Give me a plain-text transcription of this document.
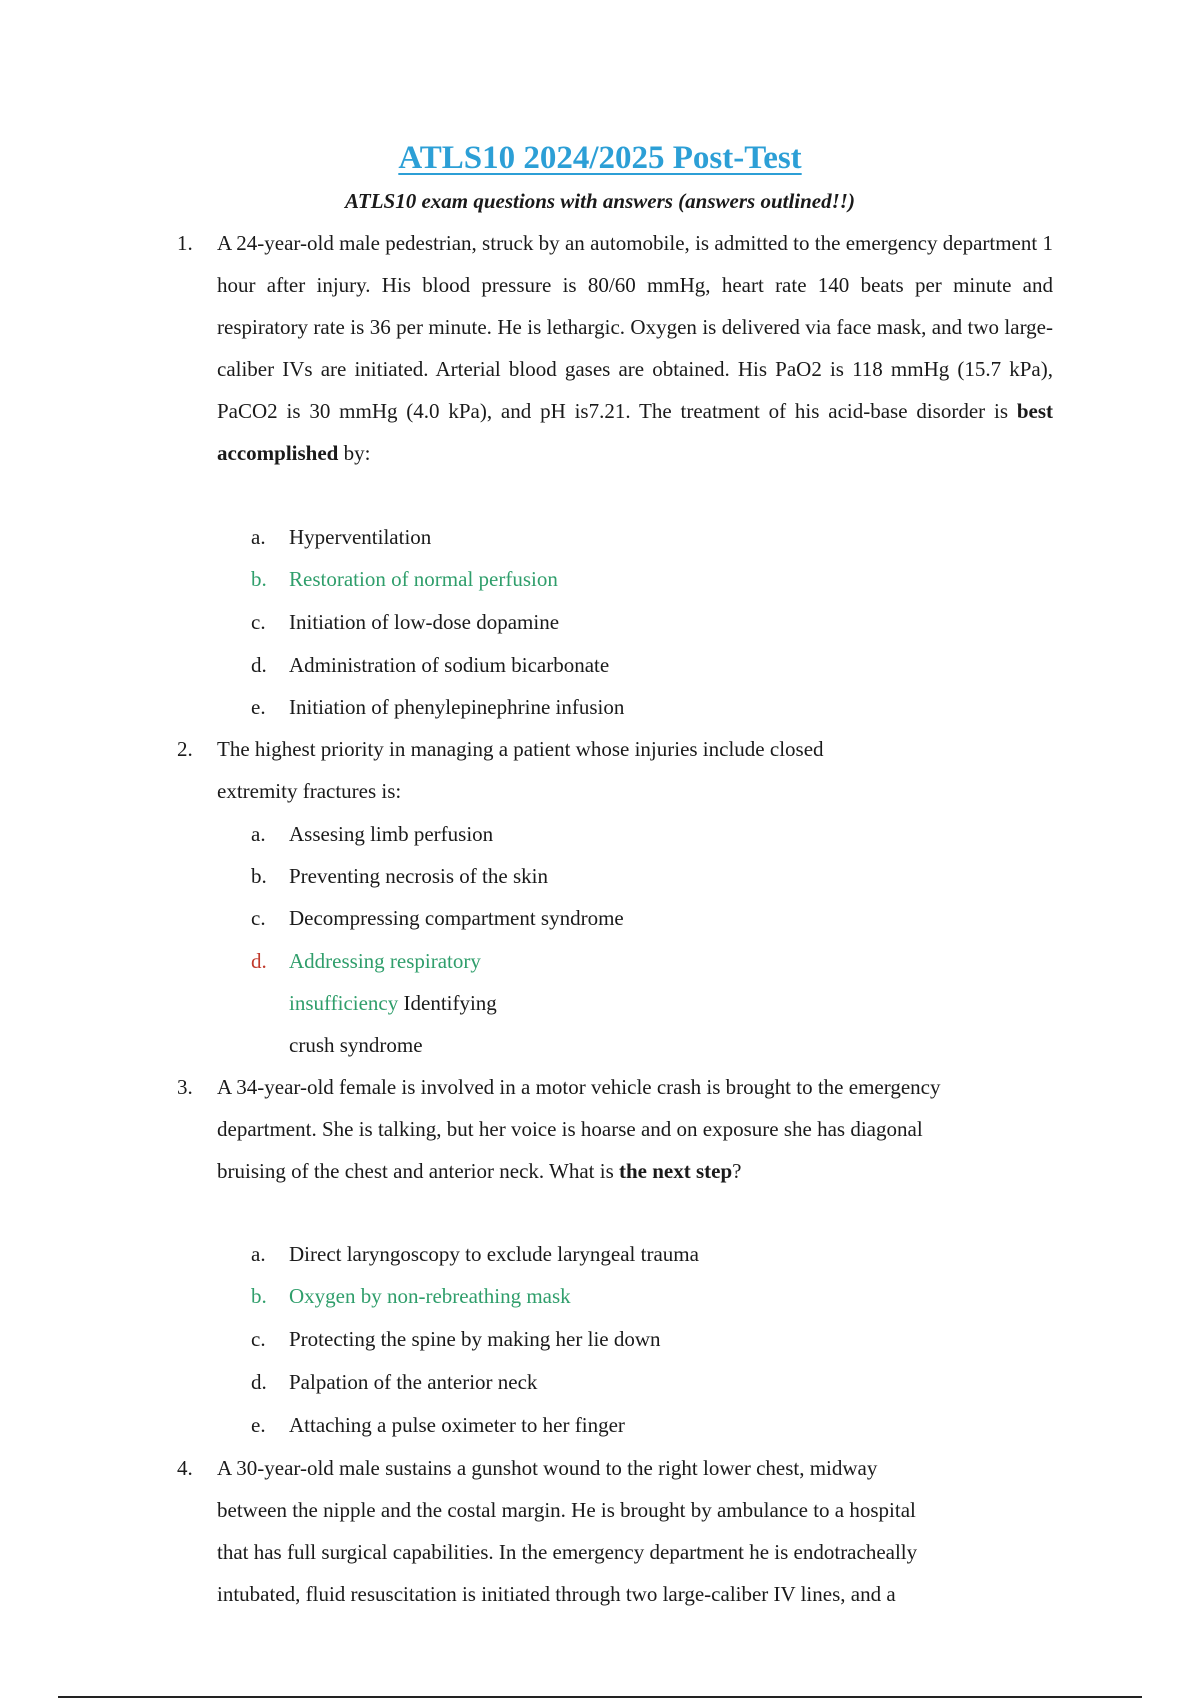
ATLS10 2024/2025 Post-Test
ATLS10 exam questions with answers (answers outlined!!)
1. A 24-year-old male pedestrian, struck by an automobile, is admitted to the emergency department 1 hour after injury. His blood pressure is 80/60 mmHg, heart rate 140 beats per minute and respiratory rate is 36 per minute. He is lethargic. Oxygen is delivered via face mask, and two large-caliber IVs are initiated. Arterial blood gases are obtained. His PaO2 is 118 mmHg (15.7 kPa), PaCO2 is 30 mmHg (4.0 kPa), and pH is7.21. The treatment of his acid-base disorder is best accomplished by:
a. Hyperventilation
b. Restoration of normal perfusion
c. Initiation of low-dose dopamine
d. Administration of sodium bicarbonate
e. Initiation of phenylepinephrine infusion
2. The highest priority in managing a patient whose injuries include closed
extremity fractures is:
a. Assesing limb perfusion
b. Preventing necrosis of the skin
c. Decompressing compartment syndrome
d. Addressing respiratory
insufficiency Identifying
crush syndrome
3. A 34-year-old female is involved in a motor vehicle crash is brought to the emergency
department. She is talking, but her voice is hoarse and on exposure she has diagonal
bruising of the chest and anterior neck. What is the next step?
a. Direct laryngoscopy to exclude laryngeal trauma
b. Oxygen by non-rebreathing mask
c. Protecting the spine by making her lie down
d. Palpation of the anterior neck
e. Attaching a pulse oximeter to her finger
4. A 30-year-old male sustains a gunshot wound to the right lower chest, midway
between the nipple and the costal margin. He is brought by ambulance to a hospital
that has full surgical capabilities. In the emergency department he is endotracheally
intubated, fluid resuscitation is initiated through two large-caliber IV lines, and a
